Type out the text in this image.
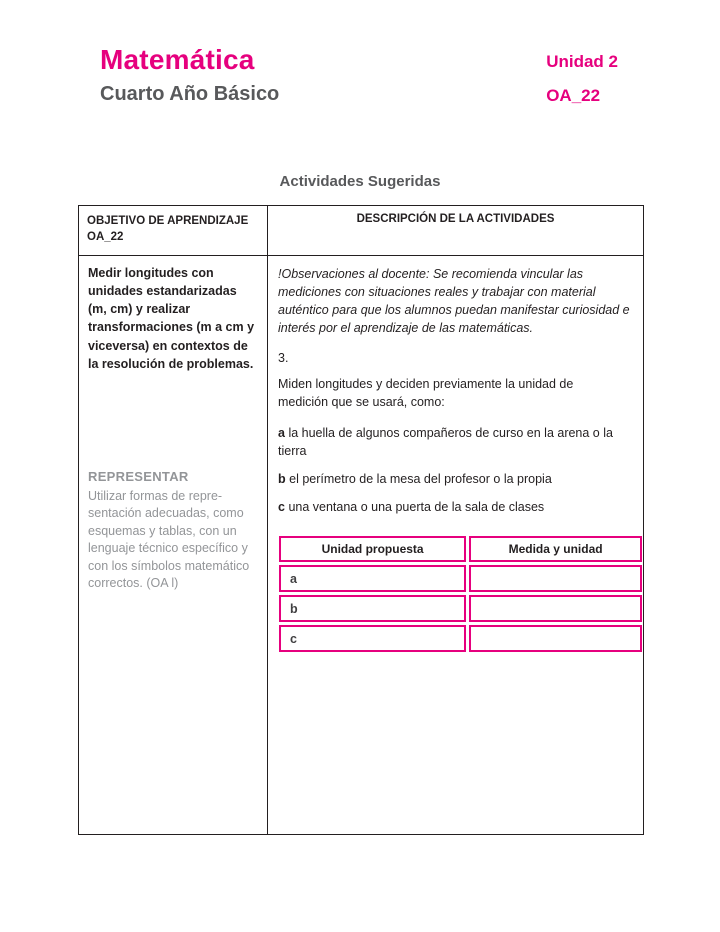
Matemática
Cuarto Año Básico
Unidad 2
OA_22
Actividades Sugeridas
OBJETIVO DE APRENDIZAJE OA_22
DESCRIPCIÓN DE LA ACTIVIDADES

Medir longitudes con unidades estandarizadas (m, cm) y realizar transformaciones (m a cm y viceversa) en contextos de la resolución de problemas.

REPRESENTAR
Utilizar formas de repre-sentación adecuadas, como esquemas y tablas, con un lenguaje técnico específico y con los símbolos matemático correctos. (OA l)

!Observaciones al docente: Se recomienda vincular las mediciones con situaciones reales y trabajar con material auténtico para que los alumnos puedan manifestar curiosidad e interés por el aprendizaje de las matemáticas.

3.

Miden longitudes y deciden previamente la unidad de medición que se usará, como:

a la huella de algunos compañeros de curso en la arena o la tierra

b el perímetro de la mesa del profesor o la propia

c una ventana o una puerta de la sala de clases

Unidad propuesta	Medida y unidad
a	
b	
c	
